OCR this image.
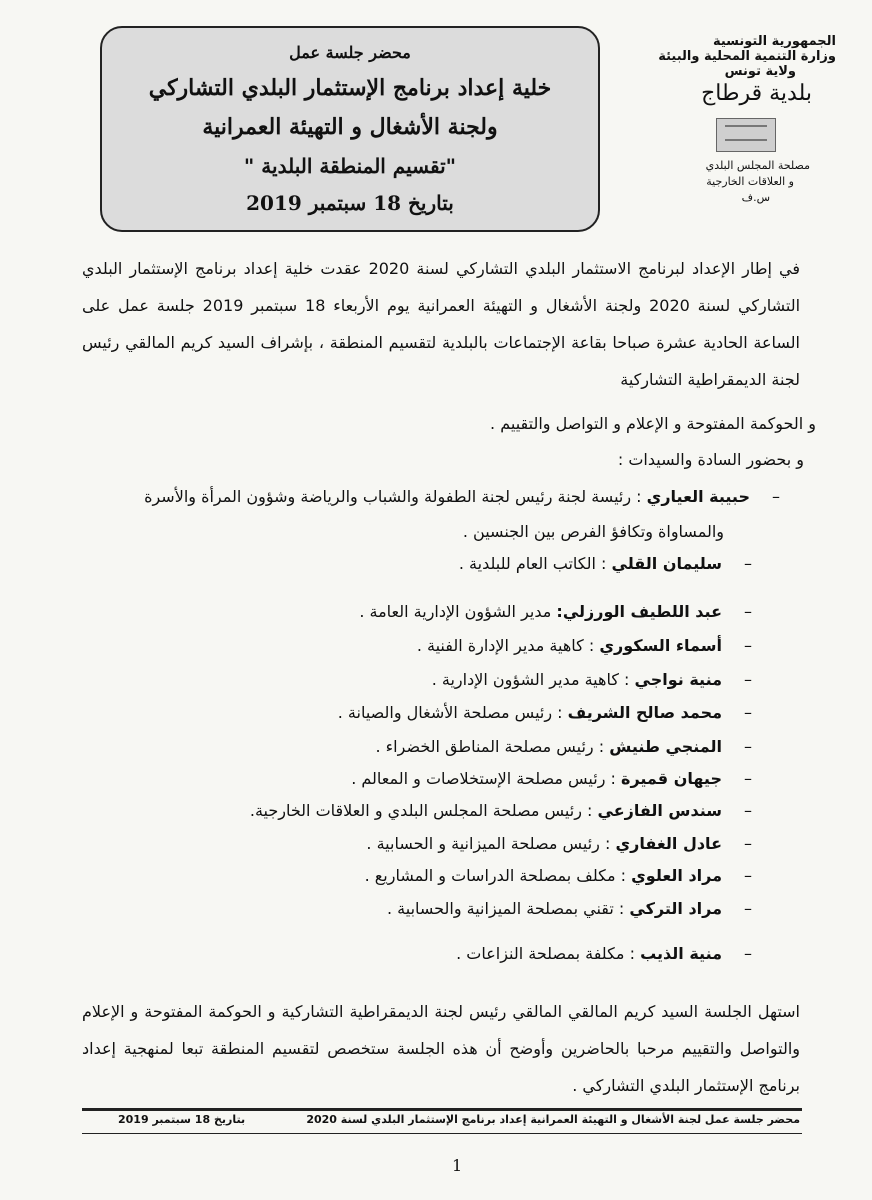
الجمهورية التونسية
وزارة التنمية المحلية والبيئة
ولاية تونس
بلدية قرطاج
مصلحة المجلس البلدي
و العلاقات الخارجية
س.ف
محضر جلسة عمل
خلية إعداد برنامج الإستثمار البلدي التشاركي
ولجنة الأشغال و التهيئة العمرانية
"تقسيم المنطقة البلدية "
بتاريخ 18 سبتمبر 2019
في إطار الإعداد لبرنامج الاستثمار البلدي التشاركي لسنة 2020 عقدت خلية إعداد برنامج الإستثمار البلدي التشاركي لسنة 2020 ولجنة الأشغال و التهيئة العمرانية يوم الأربعاء 18 سبتمبر 2019 جلسة عمل على الساعة الحادية عشرة صباحا بقاعة الإجتماعات بالبلدية لتقسيم المنطقة ، بإشراف السيد كريم المالقي رئيس لجنة الديمقراطية التشاركية
و الحوكمة المفتوحة و الإعلام و التواصل والتقييم .
و بحضور السادة والسيدات :
–حبيبة العياري : رئيسة لجنة رئيس لجنة الطفولة والشباب والرياضة وشؤون المرأة والأسرة
والمساواة وتكافؤ الفرص بين الجنسين .
–سليمان القلي : الكاتب العام للبلدية .
–عبد اللطيف الورزلي: مدير الشؤون الإدارية العامة .
–أسماء السكوري : كاهية مدير الإدارة الفنية .
–منية نواجي : كاهية مدير الشؤون الإدارية .
–محمد صالح الشريف : رئيس مصلحة الأشغال والصيانة .
–المنجي طنيش : رئيس مصلحة المناطق الخضراء .
–جيهان قميرة : رئيس مصلحة الإستخلاصات و المعالم .
–سندس الفازعي : رئيس مصلحة المجلس البلدي و العلاقات الخارجية.
–عادل الغفاري : رئيس مصلحة الميزانية و الحسابية .
–مراد العلوي : مكلف بمصلحة الدراسات و المشاريع .
–مراد التركي : تقني بمصلحة الميزانية والحسابية .
–منية الذيب : مكلفة بمصلحة النزاعات .
استهل الجلسة السيد كريم المالقي المالقي رئيس لجنة الديمقراطية التشاركية و الحوكمة المفتوحة و الإعلام والتواصل والتقييم مرحبا بالحاضرين وأوضح أن هذه الجلسة ستخصص لتقسيم المنطقة تبعا لمنهجية إعداد برنامج الإستثمار البلدي التشاركي .
محضر جلسة عمل لجنة الأشغال و التهيئة العمرانية إعداد برنامج الإستثمار البلدي لسنة 2020
بتاريخ 18 سبتمبر 2019
1
